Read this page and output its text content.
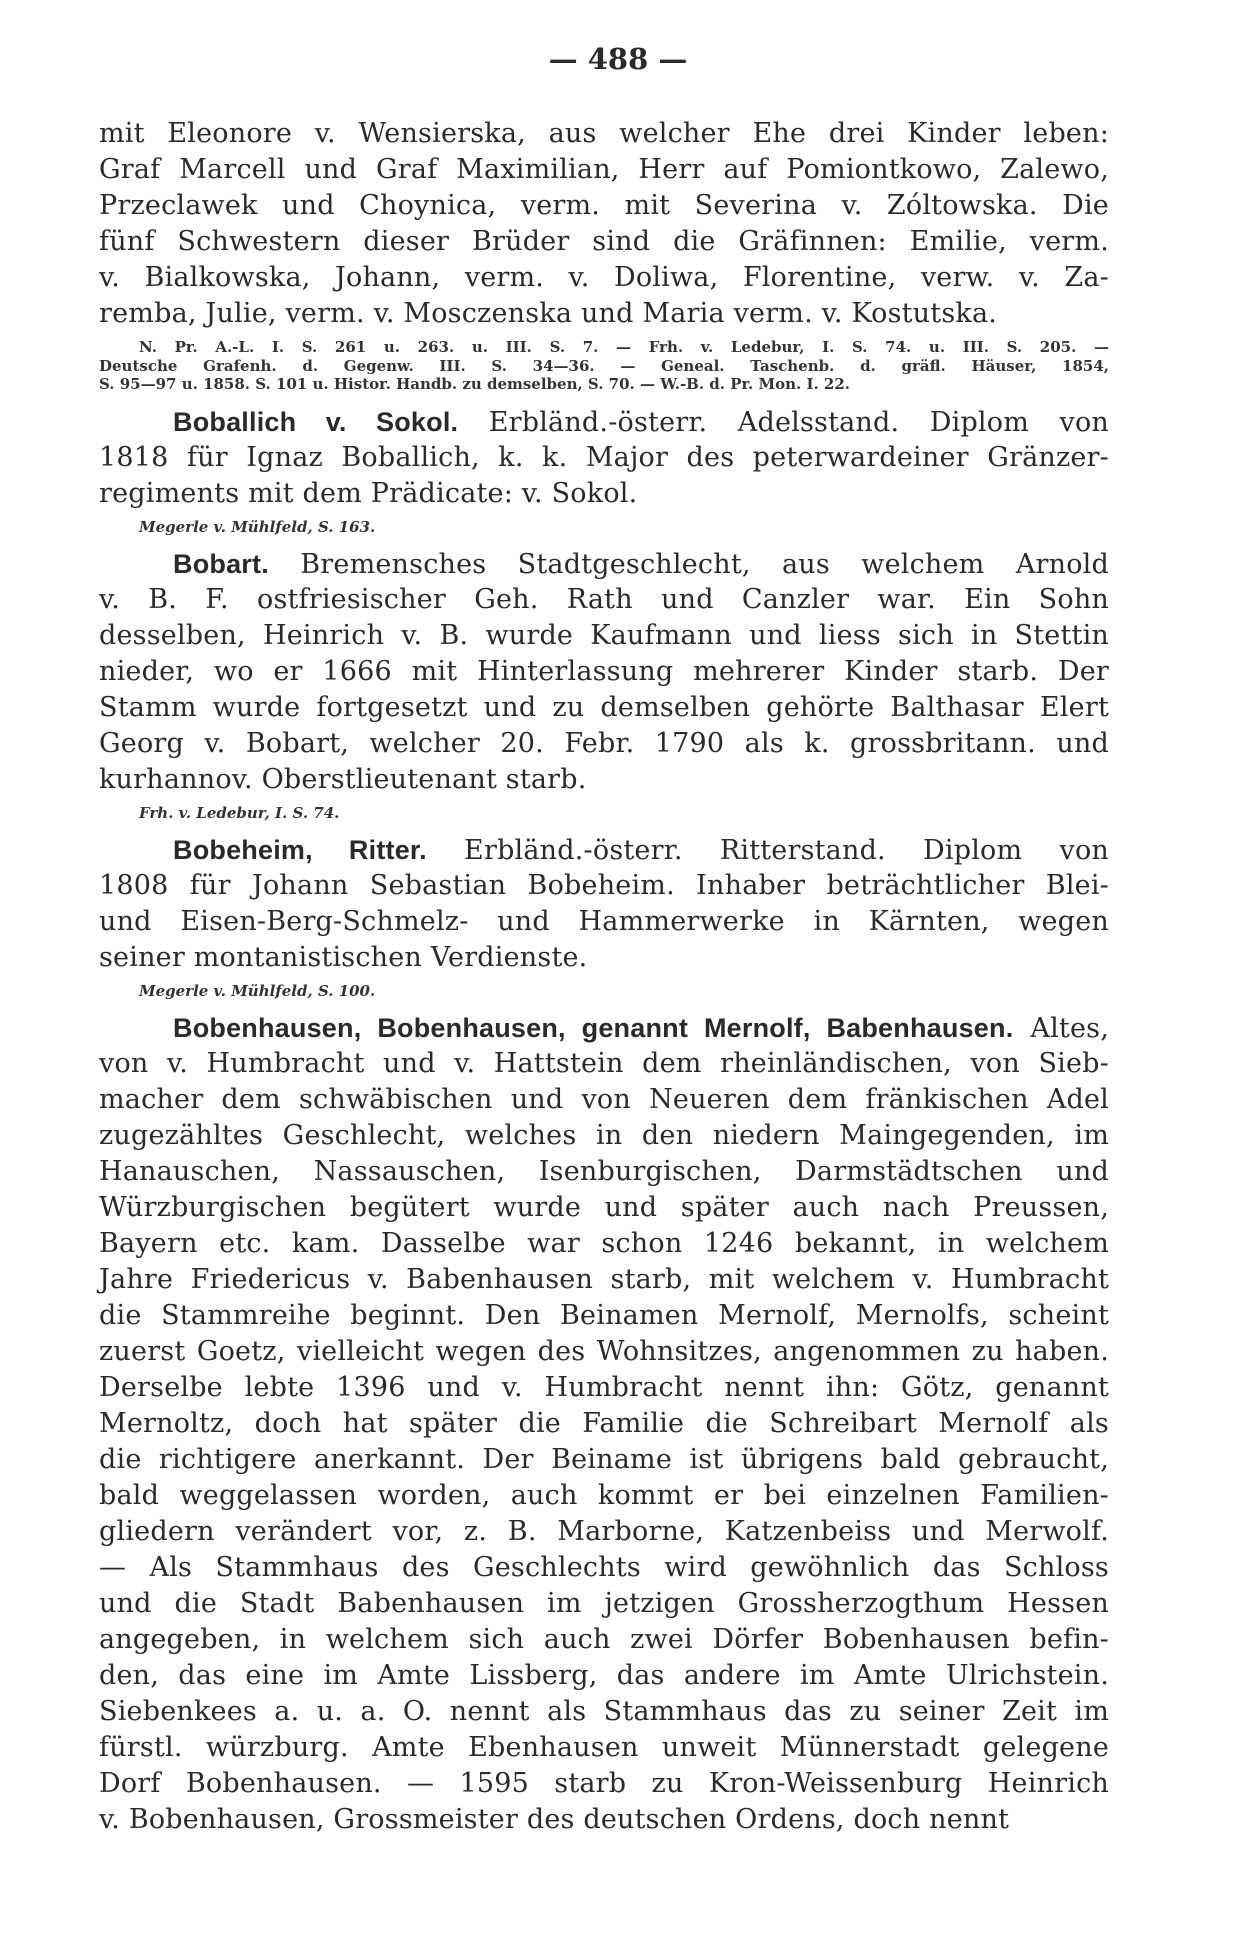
— 488 —
mit Eleonore v. Wensierska, aus welcher Ehe drei Kinder leben:
Graf Marcell und Graf Maximilian, Herr auf Pomiontkowo, Zalewo,
Przeclawek und Choynica, verm. mit Severina v. Zóltowska. Die
fünf Schwestern dieser Brüder sind die Gräfinnen: Emilie, verm.
v. Bialkowska, Johann, verm. v. Doliwa, Florentine, verw. v. Za-
remba, Julie, verm. v. Mosczenska und Maria verm. v. Kostutska.
N. Pr. A.-L. I. S. 261 u. 263. u. III. S. 7. — Frh. v. Ledebur, I. S. 74. u. III. S. 205. —
Deutsche Grafenh. d. Gegenw. III. S. 34—36. — Geneal. Taschenb. d. gräfl. Häuser, 1854,
S. 95—97 u. 1858. S. 101 u. Histor. Handb. zu demselben, S. 70. — W.-B. d. Pr. Mon. I. 22.
Boballich v. Sokol. Erbländ.-österr. Adelsstand. Diplom von
1818 für Ignaz Boballich, k. k. Major des peterwardeiner Gränzer-
regiments mit dem Prädicate: v. Sokol.
Megerle v. Mühlfeld, S. 163.
Bobart. Bremensches Stadtgeschlecht, aus welchem Arnold
v. B. F. ostfriesischer Geh. Rath und Canzler war. Ein Sohn
desselben, Heinrich v. B. wurde Kaufmann und liess sich in Stettin
nieder, wo er 1666 mit Hinterlassung mehrerer Kinder starb. Der
Stamm wurde fortgesetzt und zu demselben gehörte Balthasar Elert
Georg v. Bobart, welcher 20. Febr. 1790 als k. grossbritann. und
kurhannov. Oberstlieutenant starb.
Frh. v. Ledebur, I. S. 74.
Bobeheim, Ritter. Erbländ.-österr. Ritterstand. Diplom von
1808 für Johann Sebastian Bobeheim. Inhaber beträchtlicher Blei-
und Eisen-Berg-Schmelz- und Hammerwerke in Kärnten, wegen
seiner montanistischen Verdienste.
Megerle v. Mühlfeld, S. 100.
Bobenhausen, Bobenhausen, genannt Mernolf, Babenhausen. Altes,
von v. Humbracht und v. Hattstein dem rheinländischen, von Sieb-
macher dem schwäbischen und von Neueren dem fränkischen Adel
zugezähltes Geschlecht, welches in den niedern Maingegenden, im
Hanauschen, Nassauschen, Isenburgischen, Darmstädtschen und
Würzburgischen begütert wurde und später auch nach Preussen,
Bayern etc. kam. Dasselbe war schon 1246 bekannt, in welchem
Jahre Friedericus v. Babenhausen starb, mit welchem v. Humbracht
die Stammreihe beginnt. Den Beinamen Mernolf, Mernolfs, scheint
zuerst Goetz, vielleicht wegen des Wohnsitzes, angenommen zu haben.
Derselbe lebte 1396 und v. Humbracht nennt ihn: Götz, genannt
Mernoltz, doch hat später die Familie die Schreibart Mernolf als
die richtigere anerkannt. Der Beiname ist übrigens bald gebraucht,
bald weggelassen worden, auch kommt er bei einzelnen Familien-
gliedern verändert vor, z. B. Marborne, Katzenbeiss und Merwolf.
— Als Stammhaus des Geschlechts wird gewöhnlich das Schloss
und die Stadt Babenhausen im jetzigen Grossherzogthum Hessen
angegeben, in welchem sich auch zwei Dörfer Bobenhausen befin-
den, das eine im Amte Lissberg, das andere im Amte Ulrichstein.
Siebenkees a. u. a. O. nennt als Stammhaus das zu seiner Zeit im
fürstl. würzburg. Amte Ebenhausen unweit Münnerstadt gelegene
Dorf Bobenhausen. — 1595 starb zu Kron-Weissenburg Heinrich
v. Bobenhausen, Grossmeister des deutschen Ordens, doch nennt
